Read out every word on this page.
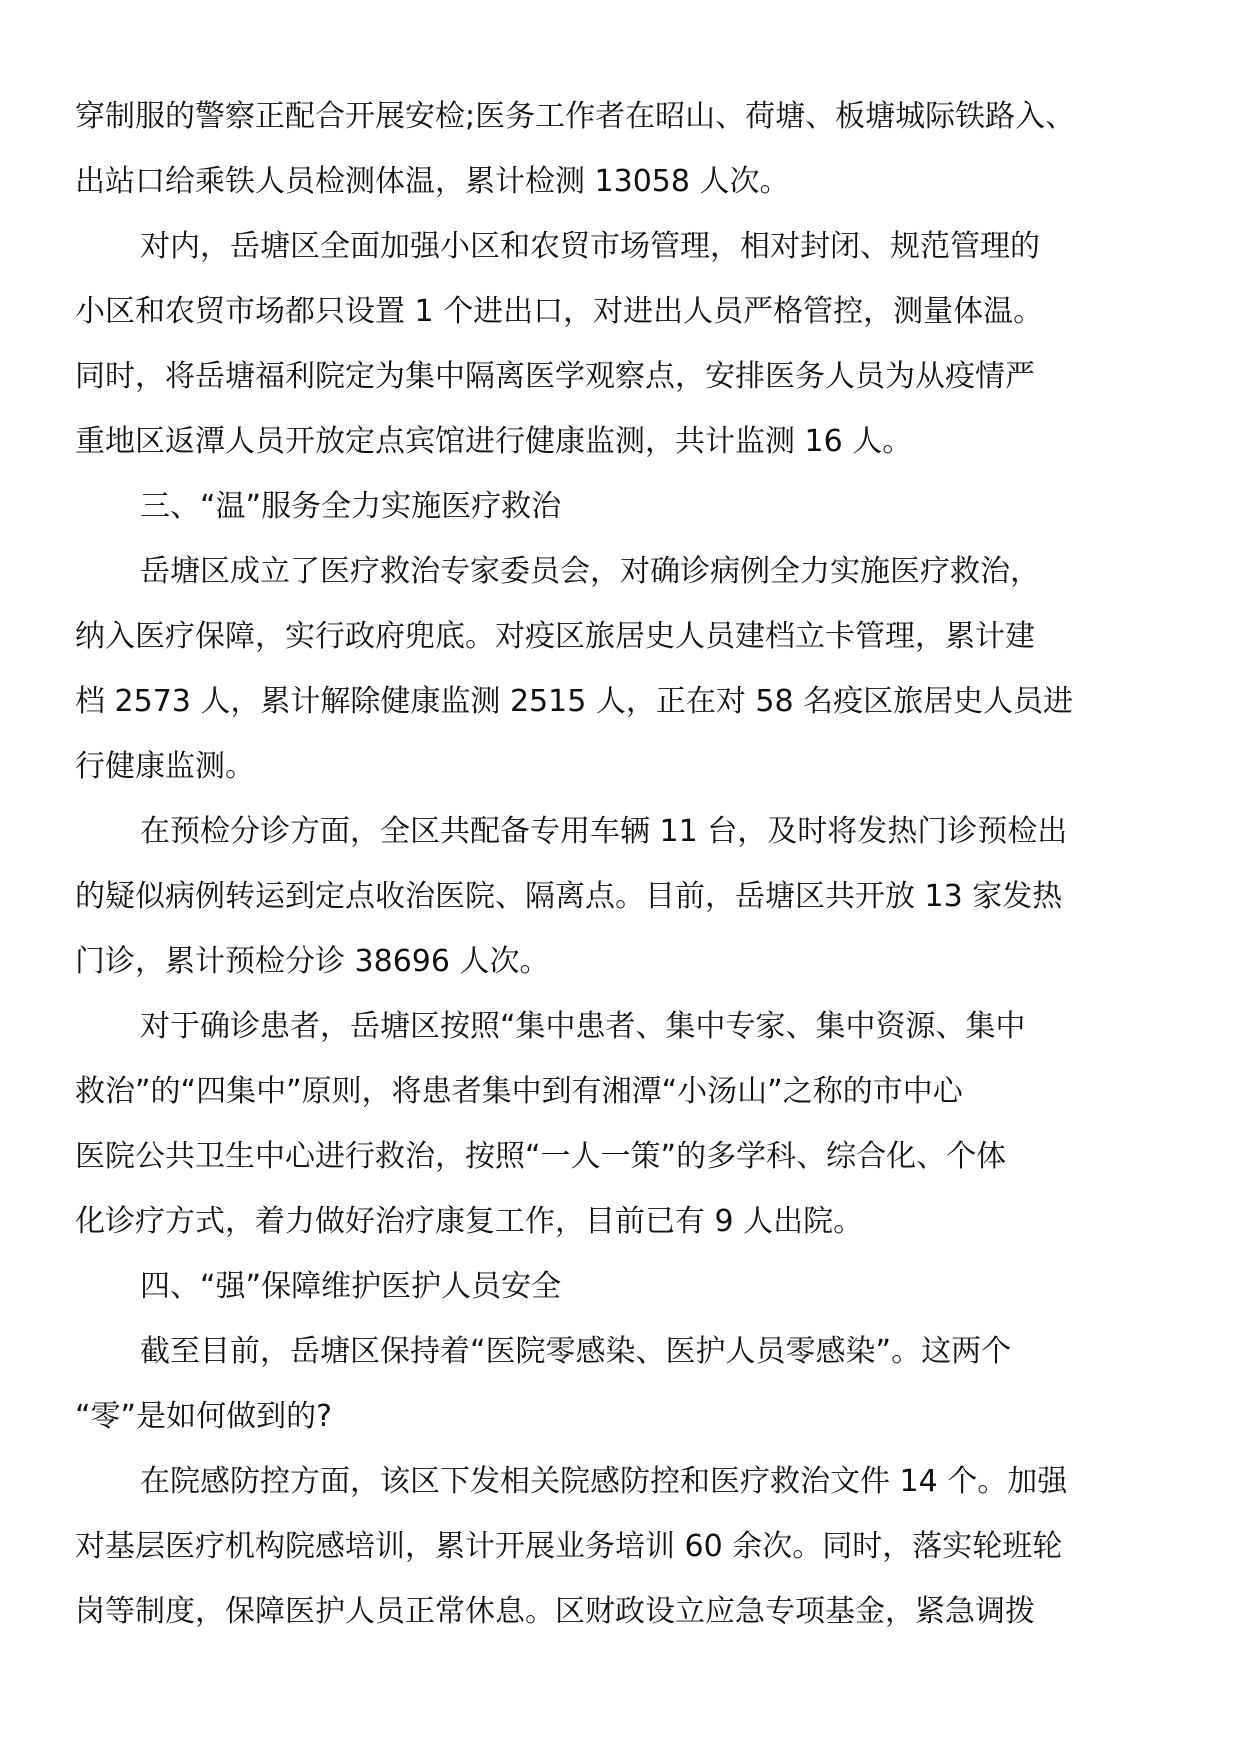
穿制服的警察正配合开展安检;医务工作者在昭山、荷塘、板塘城际铁路入、
出站口给乘铁人员检测体温，累计检测 13058 人次。
对内，岳塘区全面加强小区和农贸市场管理，相对封闭、规范管理的
小区和农贸市场都只设置 1 个进出口，对进出人员严格管控，测量体温。
同时，将岳塘福利院定为集中隔离医学观察点，安排医务人员为从疫情严
重地区返潭人员开放定点宾馆进行健康监测，共计监测 16 人。
三、“温”服务全力实施医疗救治
岳塘区成立了医疗救治专家委员会，对确诊病例全力实施医疗救治，
纳入医疗保障，实行政府兜底。对疫区旅居史人员建档立卡管理，累计建
档 2573 人，累计解除健康监测 2515 人，正在对 58 名疫区旅居史人员进
行健康监测。
在预检分诊方面，全区共配备专用车辆 11 台，及时将发热门诊预检出
的疑似病例转运到定点收治医院、隔离点。目前，岳塘区共开放 13 家发热
门诊，累计预检分诊 38696 人次。
对于确诊患者，岳塘区按照“集中患者、集中专家、集中资源、集中
救治”的“四集中”原则，将患者集中到有湘潭“小汤山”之称的市中心
医院公共卫生中心进行救治，按照“一人一策”的多学科、综合化、个体
化诊疗方式，着力做好治疗康复工作，目前已有 9 人出院。
四、“强”保障维护医护人员安全
截至目前，岳塘区保持着“医院零感染、医护人员零感染”。这两个
“零”是如何做到的?
在院感防控方面，该区下发相关院感防控和医疗救治文件 14 个。加强
对基层医疗机构院感培训，累计开展业务培训 60 余次。同时，落实轮班轮
岗等制度，保障医护人员正常休息。区财政设立应急专项基金，紧急调拨
